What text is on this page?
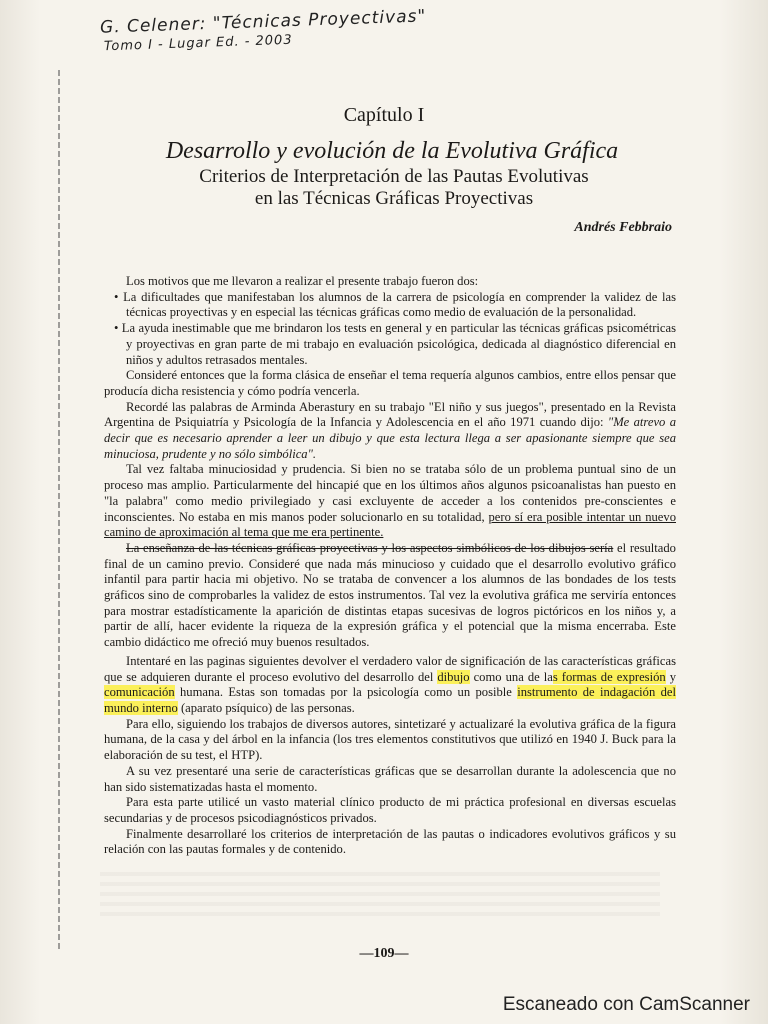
G. Celener: "Técnicas Proyectivas"
Tomo I - Lugar Ed. - 2003
Capítulo I
Desarrollo y evolución de la Evolutiva Gráfica
Criterios de Interpretación de las Pautas Evolutivas
en las Técnicas Gráficas Proyectivas
Andrés Febbraio

Los motivos que me llevaron a realizar el presente trabajo fueron dos:

• La dificultades que manifestaban los alumnos de la carrera de psicología en comprender la validez de las técnicas proyectivas y en especial las técnicas gráficas como medio de evaluación de la personalidad.

• La ayuda inestimable que me brindaron los tests en general y en particular las técnicas gráficas psicométricas y proyectivas en gran parte de mi trabajo en evaluación psicológica, dedicada al diagnóstico diferencial en niños y adultos retrasados mentales.

Consideré entonces que la forma clásica de enseñar el tema requería algunos cambios, entre ellos pensar que producía dicha resistencia y cómo podría vencerla.

Recordé las palabras de Arminda Aberastury en su trabajo "El niño y sus juegos", presentado en la Revista Argentina de Psiquiatría y Psicología de la Infancia y Adolescencia en el año 1971 cuando dijo: "Me atrevo a decir que es necesario aprender a leer un dibujo y que esta lectura llega a ser apasionante siempre que sea minuciosa, prudente y no sólo simbólica".

Tal vez faltaba minuciosidad y prudencia. Si bien no se trataba sólo de un problema puntual sino de un proceso mas amplio. Particularmente del hincapié que en los últimos años algunos psicoanalistas han puesto en "la palabra" como medio privilegiado y casi excluyente de acceder a los contenidos pre-conscientes e inconscientes. No estaba en mis manos poder solucionarlo en su totalidad, pero sí era posible intentar un nuevo camino de aproximación al tema que me era pertinente.

La enseñanza de las técnicas gráficas proyectivas y los aspectos simbólicos de los dibujos sería el resultado final de un camino previo. Consideré que nada más minucioso y cuidado que el desarrollo evolutivo gráfico infantil para partir hacia mi objetivo. No se trataba de convencer a los alumnos de las bondades de los tests gráficos sino de comprobarles la validez de estos instrumentos. Tal vez la evolutiva gráfica me serviría entonces para mostrar estadísticamente la aparición de distintas etapas sucesivas de logros pictóricos en los niños y, a partir de allí, hacer evidente la riqueza de la expresión gráfica y el potencial que la misma encerraba. Este cambio didáctico me ofreció muy buenos resultados.

Intentaré en las paginas siguientes devolver el verdadero valor de significación de las características gráficas que se adquieren durante el proceso evolutivo del desarrollo del dibujo como una de las formas de expresión y comunicación humana. Estas son tomadas por la psicología como un posible instrumento de indagación del mundo interno (aparato psíquico) de las personas.

Para ello, siguiendo los trabajos de diversos autores, sintetizaré y actualizaré la evolutiva gráfica de la figura humana, de la casa y del árbol en la infancia (los tres elementos constitutivos que utilizó en 1940 J. Buck para la elaboración de su test, el HTP).

A su vez presentaré una serie de características gráficas que se desarrollan durante la adolescencia que no han sido sistematizadas hasta el momento.

Para esta parte utilicé un vasto material clínico producto de mi práctica profesional en diversas escuelas secundarias y de procesos psicodiagnósticos privados.

Finalmente desarrollaré los criterios de interpretación de las pautas o indicadores evolutivos gráficos y su relación con las pautas formales y de contenido.

—109—
Escaneado con CamScanner
